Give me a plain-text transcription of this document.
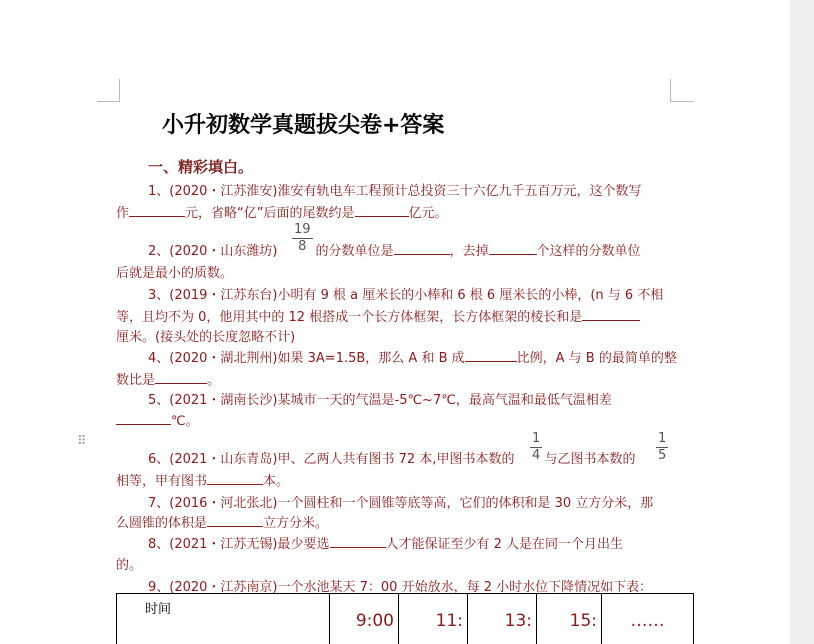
⠿
小升初数学真题拔尖卷+答案
一、精彩填白。
1、(2020・江苏淮安)淮安有轨电车工程预计总投资三十六亿九千五百万元，这个数写
作	元，省略“亿”后面的尾数约是	亿元。
2、(2020・山东潍坊)	的分数单位是	，去掉	个这样的分数单位
$\frac{19}{8}$
后就是最小的质数。
3、(2019・江苏东台)小明有 9 根 a 厘米长的小棒和 6 根 6 厘米长的小棒，(n 与 6 不相
等，且均不为 0，他用其中的 12 根搭成一个长方体框架，长方体框架的棱长和是
厘米。(接头处的长度忽略不计)
4、(2020・湖北荆州)如果 3A=1.5B，那么 A 和 B 成	比例，A 与 B 的最简单的整
数比是	。
5、(2021・湖南长沙)某城市一天的气温是-5℃~7℃，最高气温和最低气温相差
℃。
6、(2021・山东青岛)甲、乙两人共有图书 72 本,甲图书本数的 与乙图书本数的
$\frac{1}{4}$	$\frac{1}{5}$
相等，甲有图书	本。
7、(2016・河北张北)一个圆柱和一个圆锥等底等高，它们的体积和是 30 立方分米，那
么圆锥的体积是	立方分米。
8、(2021・江苏无锡)最少要选	人才能保证至少有 2 人是在同一个月出生
的。
9、(2020・江苏南京)一个水池某天 7：00 开始放水，每 2 小时水位下降情况如下表：
时间	9:00	11:	13:	15:	……
